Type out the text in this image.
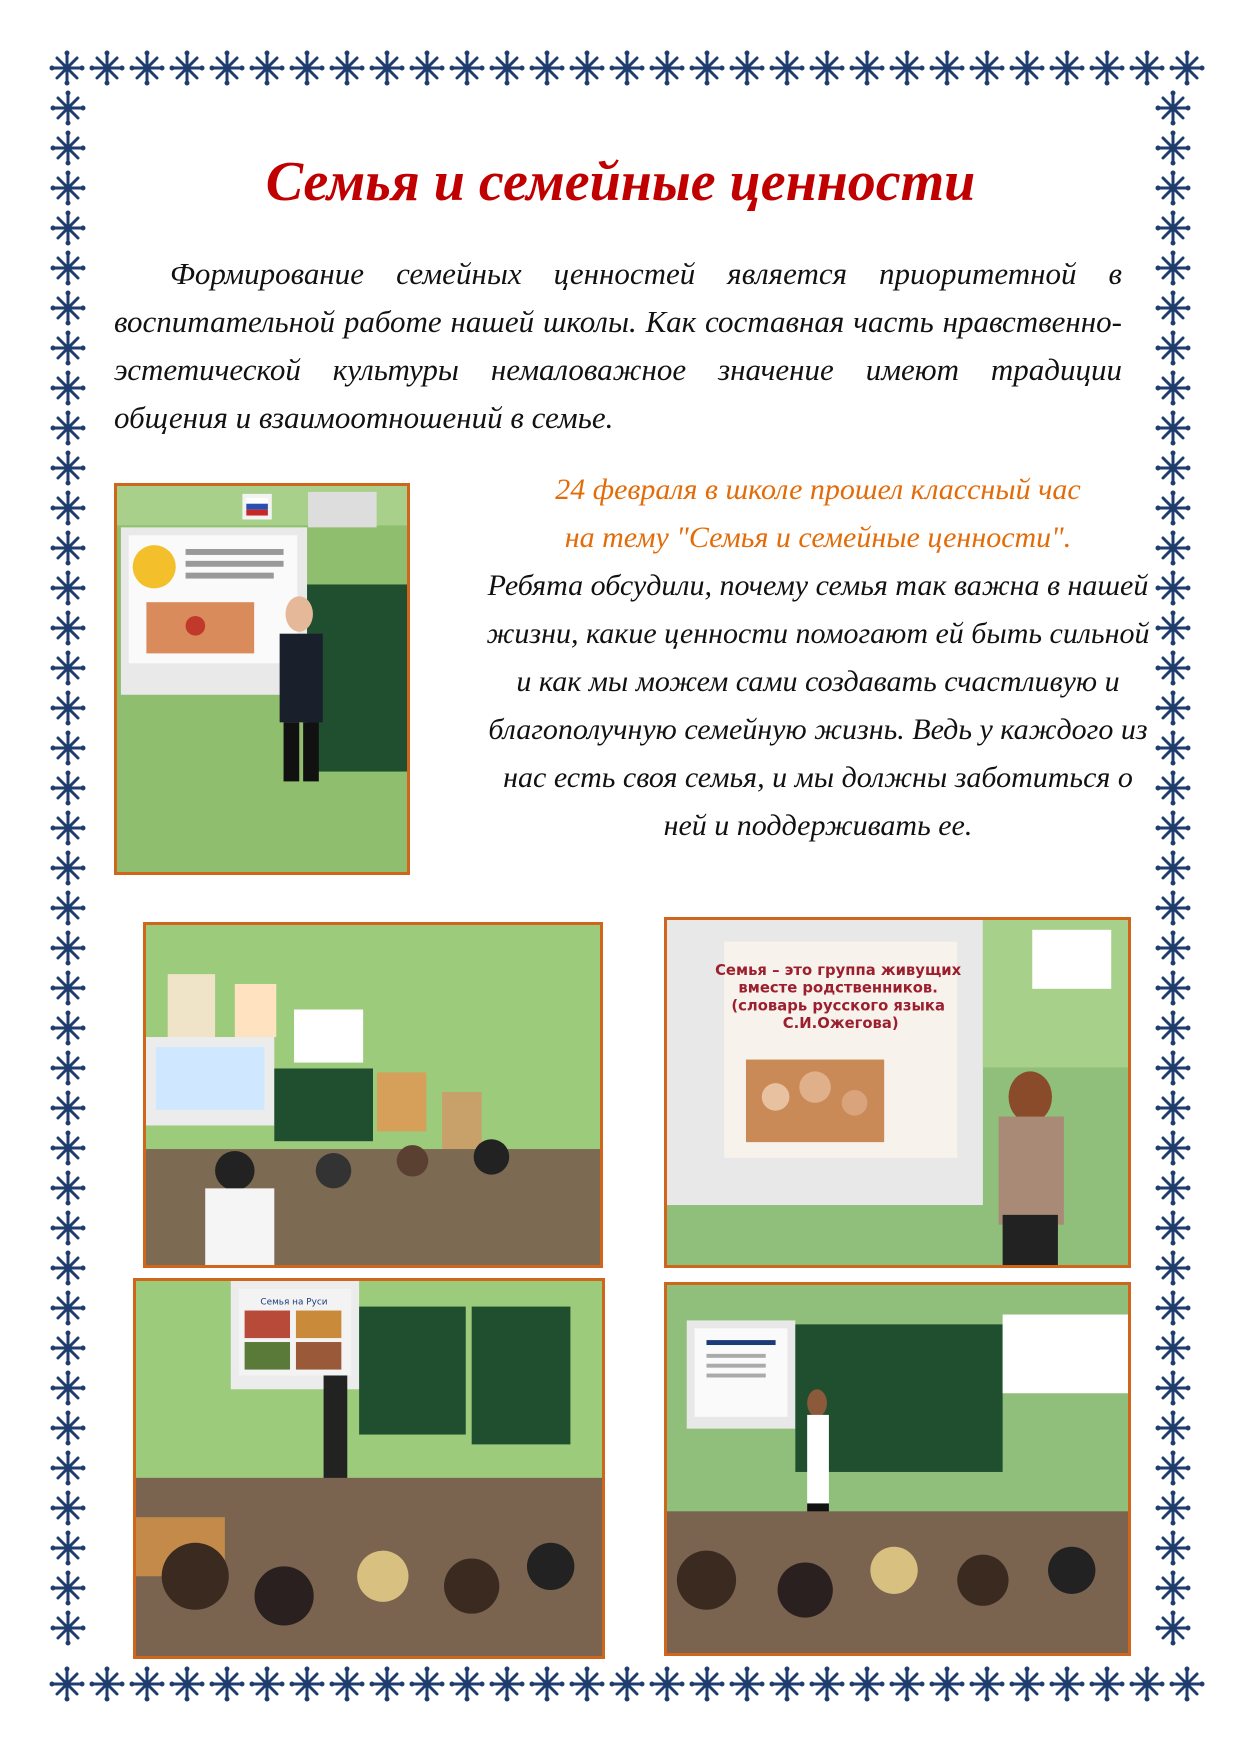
Семья и семейные ценности

Формирование семейных ценностей является приоритетной в воспитательной работе нашей школы. Как составная часть нравственно-эстетической культуры немаловажное значение имеют традиции общения и взаимоотношений в семье.

24 февраля в школе прошел классный час

на тему "Семья и семейные ценности".

Ребята обсудили, почему семья так важна в нашей жизни, какие ценности помогают ей быть сильной и как мы можем сами создавать счастливую и благополучную семейную жизнь. Ведь у каждого из нас есть своя семья, и мы должны заботиться о ней и поддерживать ее.

Семья – это группа живущих вместе родственников. (словарь русского языка С.И.Ожегова)
Семья на Руси
